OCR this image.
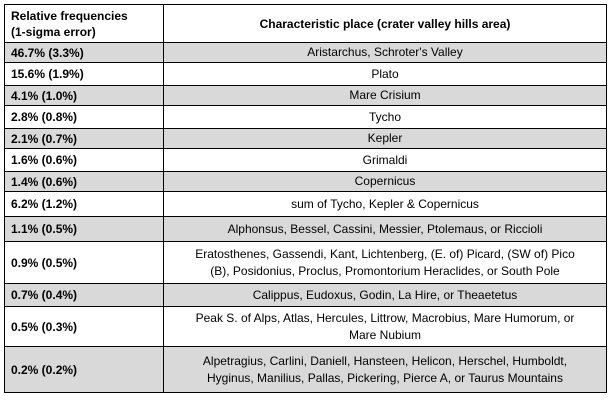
Relative frequencies
(1-sigma error)	Characteristic place (crater valley hills area)
46.7% (3.3%)	Aristarchus, Schroter's Valley
15.6% (1.9%)	Plato
4.1% (1.0%)	Mare Crisium
2.8% (0.8%)	Tycho
2.1% (0.7%)	Kepler
1.6% (0.6%)	Grimaldi
1.4% (0.6%)	Copernicus
6.2% (1.2%)	sum of Tycho, Kepler & Copernicus
1.1% (0.5%)	Alphonsus, Bessel, Cassini, Messier, Ptolemaus, or Riccioli
0.9% (0.5%)	Eratosthenes, Gassendi, Kant, Lichtenberg, (E. of) Picard, (SW of) Pico
(B), Posidonius, Proclus, Promontorium Heraclides, or South Pole
0.7% (0.4%)	Calippus, Eudoxus, Godin, La Hire, or Theaetetus
0.5% (0.3%)	Peak S. of Alps, Atlas, Hercules, Littrow, Macrobius, Mare Humorum, or
Mare Nubium
0.2% (0.2%)	Alpetragius, Carlini, Daniell, Hansteen, Helicon, Herschel, Humboldt,
Hyginus, Manilius, Pallas, Pickering, Pierce A, or Taurus Mountains
